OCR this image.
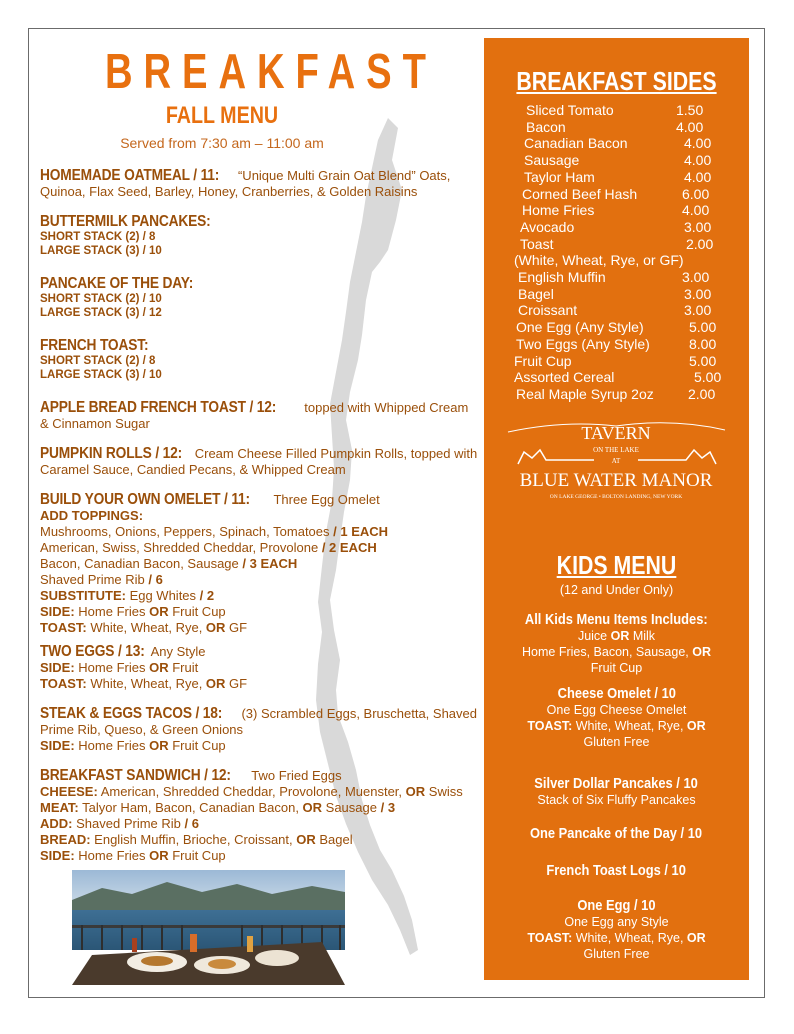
BREAKFAST
FALL MENU
Served from 7:30 am – 11:00 am
HOMEMADE OATMEAL / 11: “Unique Multi Grain Oat Blend” Oats, Quinoa, Flax Seed, Barley, Honey, Cranberries, & Golden Raisins
BUTTERMILK PANCAKES:
SHORT STACK (2) / 8
LARGE STACK (3) / 10
PANCAKE OF THE DAY:
SHORT STACK (2) / 10
LARGE STACK (3) / 12
FRENCH TOAST:
SHORT STACK (2) / 8
LARGE STACK (3) / 10
APPLE BREAD FRENCH TOAST / 12: topped with Whipped Cream & Cinnamon Sugar
PUMPKIN ROLLS / 12: Cream Cheese Filled Pumpkin Rolls, topped with Caramel Sauce, Candied Pecans, & Whipped Cream
BUILD YOUR OWN OMELET / 11: Three Egg Omelet
ADD TOPPINGS:
Mushrooms, Onions, Peppers, Spinach, Tomatoes / 1 EACH
American, Swiss, Shredded Cheddar, Provolone / 2 EACH
Bacon, Canadian Bacon, Sausage / 3 EACH
Shaved Prime Rib / 6
SUBSTITUTE: Egg Whites / 2
SIDE: Home Fries OR Fruit Cup
TOAST: White, Wheat, Rye, OR GF
TWO EGGS / 13: Any Style
SIDE: Home Fries OR Fruit
TOAST: White, Wheat, Rye, OR GF
STEAK & EGGS TACOS / 18: (3) Scrambled Eggs, Bruschetta, Shaved Prime Rib, Queso, & Green Onions
SIDE: Home Fries OR Fruit Cup
BREAKFAST SANDWICH / 12: Two Fried Eggs
CHEESE: American, Shredded Cheddar, Provolone, Muenster, OR Swiss
MEAT: Talyor Ham, Bacon, Canadian Bacon, OR Sausage / 3
ADD: Shaved Prime Rib / 6
BREAD: English Muffin, Brioche, Croissant, OR Bagel
SIDE: Home Fries OR Fruit Cup
BREAKFAST SIDES
Sliced Tomato	1.50
Bacon	4.00
Canadian Bacon	4.00
Sausage	4.00
Taylor Ham	4.00
Corned Beef Hash	6.00
Home Fries	4.00
Avocado	3.00
Toast	2.00
(White, Wheat, Rye, or GF)
English Muffin	3.00
Bagel	3.00
Croissant	3.00
One Egg (Any Style)	5.00
Two Eggs (Any Style)	8.00
Fruit Cup	5.00
Assorted Cereal	5.00
Real Maple Syrup 2oz 2.00
TAVERN
ON THE LAKE
AT
BLUE WATER MANOR
ON LAKE GEORGE • BOLTON LANDING, NEW YORK
KIDS MENU
(12 and Under Only)
All Kids Menu Items Includes:
Juice OR Milk
Home Fries, Bacon, Sausage, OR
Fruit Cup
Cheese Omelet / 10
One Egg Cheese Omelet
TOAST: White, Wheat, Rye, OR
Gluten Free
Silver Dollar Pancakes / 10
Stack of Six Fluffy Pancakes
One Pancake of the Day / 10
French Toast Logs / 10
One Egg / 10
One Egg any Style
TOAST: White, Wheat, Rye, OR
Gluten Free
